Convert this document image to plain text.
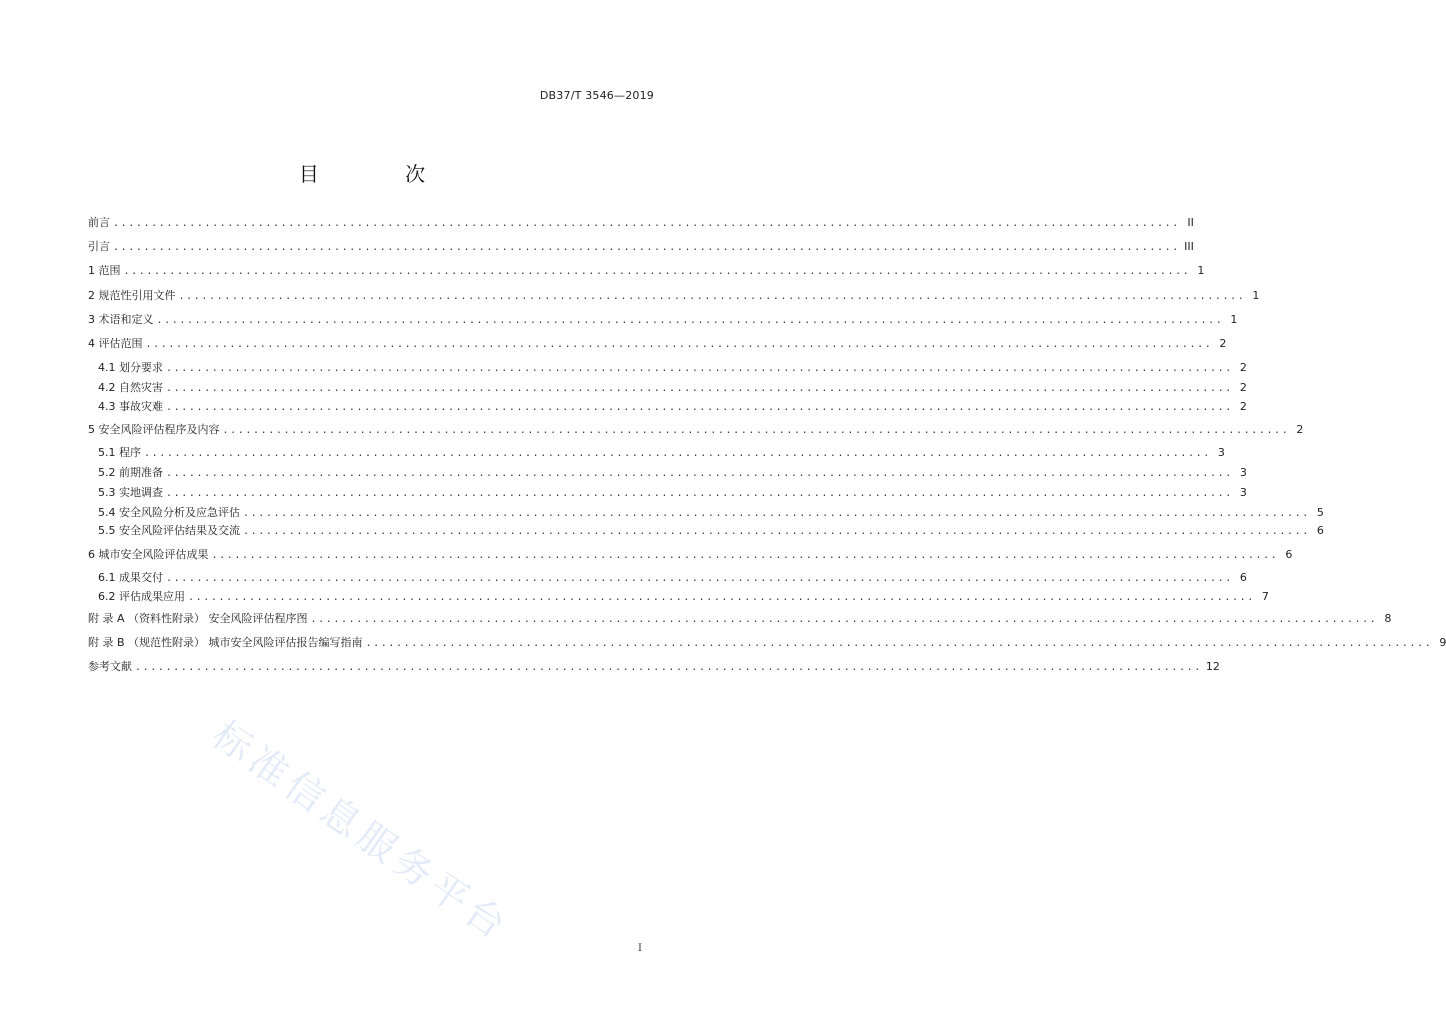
DB37/T 3546—2019
目 次
前言 ............................................................................................................................................ II
引言 ............................................................................................................................................ III
1 范围 ............................................................................................................................................ 1
2 规范性引用文件 ............................................................................................................................................ 1
3 术语和定义 ............................................................................................................................................ 1
4 评估范围 ............................................................................................................................................ 2
4.1 划分要求 ............................................................................................................................................ 2
4.2 自然灾害 ............................................................................................................................................ 2
4.3 事故灾难 ............................................................................................................................................ 2
5 安全风险评估程序及内容 ............................................................................................................................................ 2
5.1 程序 ............................................................................................................................................ 3
5.2 前期准备 ............................................................................................................................................ 3
5.3 实地调查 ............................................................................................................................................ 3
5.4 安全风险分析及应急评估 ............................................................................................................................................ 5
5.5 安全风险评估结果及交流 ............................................................................................................................................ 6
6 城市安全风险评估成果 ............................................................................................................................................ 6
6.1 成果交付 ............................................................................................................................................ 6
6.2 评估成果应用 ............................................................................................................................................ 7
附 录 A （资料性附录） 安全风险评估程序图 ............................................................................................................................................ 8
附 录 B （规范性附录） 城市安全风险评估报告编写指南 ............................................................................................................................................ 9
参考文献 ............................................................................................................................................ 12
标准信息服务平台	I
